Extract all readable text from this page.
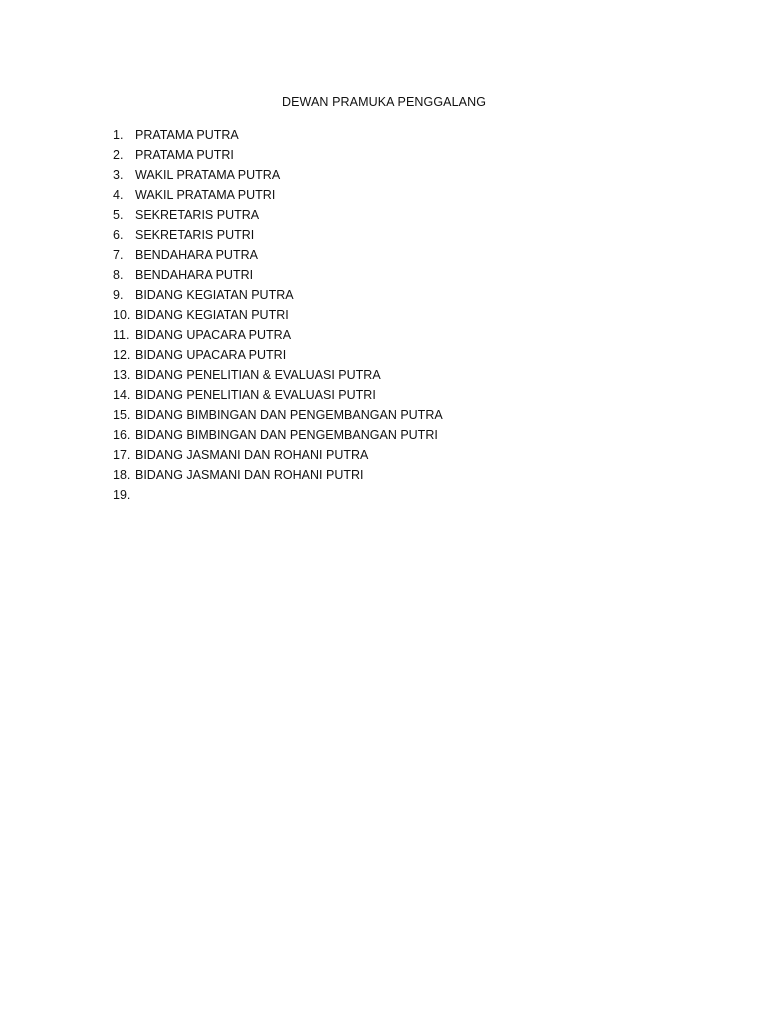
DEWAN PRAMUKA PENGGALANG
1. PRATAMA PUTRA
2. PRATAMA PUTRI
3. WAKIL PRATAMA PUTRA
4. WAKIL PRATAMA PUTRI
5. SEKRETARIS PUTRA
6. SEKRETARIS PUTRI
7. BENDAHARA PUTRA
8. BENDAHARA PUTRI
9. BIDANG KEGIATAN PUTRA
10. BIDANG KEGIATAN PUTRI
11. BIDANG UPACARA PUTRA
12. BIDANG UPACARA PUTRI
13. BIDANG PENELITIAN & EVALUASI PUTRA
14. BIDANG PENELITIAN & EVALUASI PUTRI
15. BIDANG BIMBINGAN DAN PENGEMBANGAN PUTRA
16. BIDANG BIMBINGAN DAN PENGEMBANGAN PUTRI
17. BIDANG JASMANI DAN ROHANI PUTRA
18. BIDANG JASMANI DAN ROHANI PUTRI
19.
